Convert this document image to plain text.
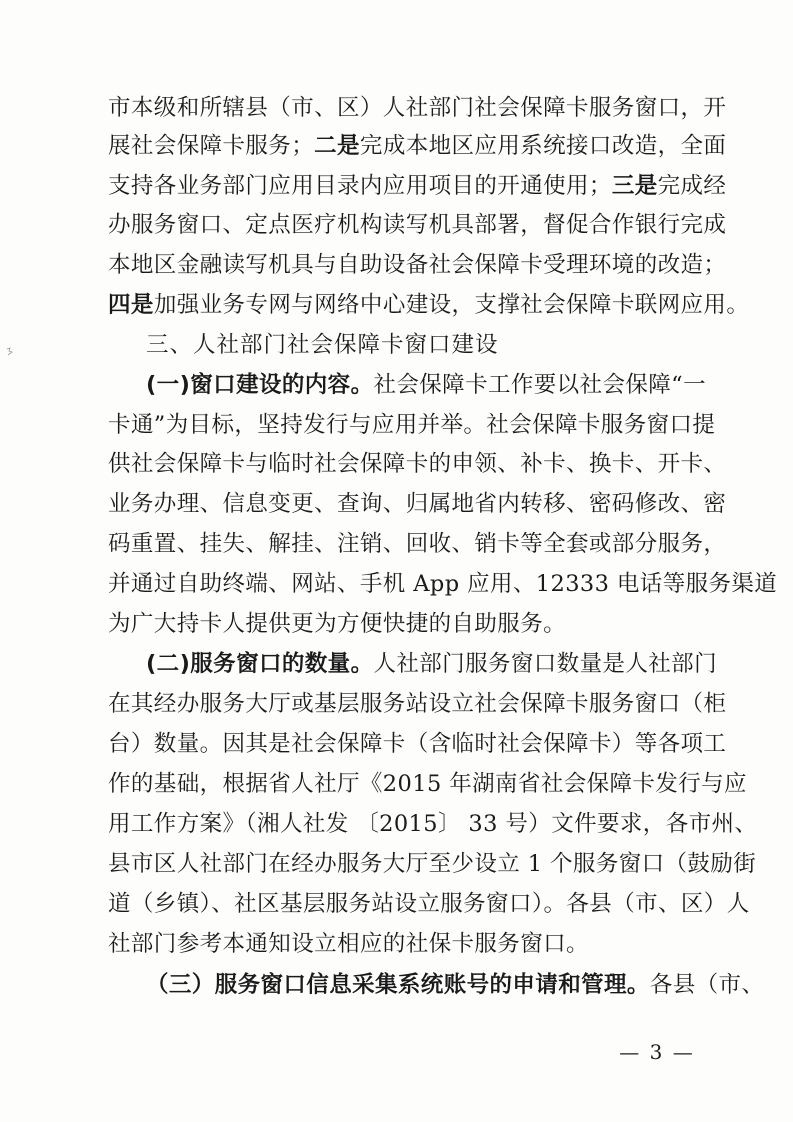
市本级和所辖县（市、区）人社部门社会保障卡服务窗口，开
展社会保障卡服务；二是完成本地区应用系统接口改造，全面
支持各业务部门应用目录内应用项目的开通使用；三是完成经
办服务窗口、定点医疗机构读写机具部署，督促合作银行完成
本地区金融读写机具与自助设备社会保障卡受理环境的改造；
四是加强业务专网与网络中心建设，支撑社会保障卡联网应用。
三、人社部门社会保障卡窗口建设
(一)窗口建设的内容。社会保障卡工作要以社会保障“一
卡通”为目标，坚持发行与应用并举。社会保障卡服务窗口提
供社会保障卡与临时社会保障卡的申领、补卡、换卡、开卡、
业务办理、信息变更、查询、归属地省内转移、密码修改、密
码重置、挂失、解挂、注销、回收、销卡等全套或部分服务，
并通过自助终端、网站、手机 App 应用、12333 电话等服务渠道
为广大持卡人提供更为方便快捷的自助服务。
(二)服务窗口的数量。人社部门服务窗口数量是人社部门
在其经办服务大厅或基层服务站设立社会保障卡服务窗口（柜
台）数量。因其是社会保障卡（含临时社会保障卡）等各项工
作的基础，根据省人社厅《2015 年湖南省社会保障卡发行与应
用工作方案》（湘人社发 〔2015〕 33 号）文件要求，各市州、
县市区人社部门在经办服务大厅至少设立 1 个服务窗口（鼓励街
道（乡镇）、社区基层服务站设立服务窗口）。各县（市、区）人
社部门参考本通知设立相应的社保卡服务窗口。
（三）服务窗口信息采集系统账号的申请和管理。各县（市、
— 3 —
